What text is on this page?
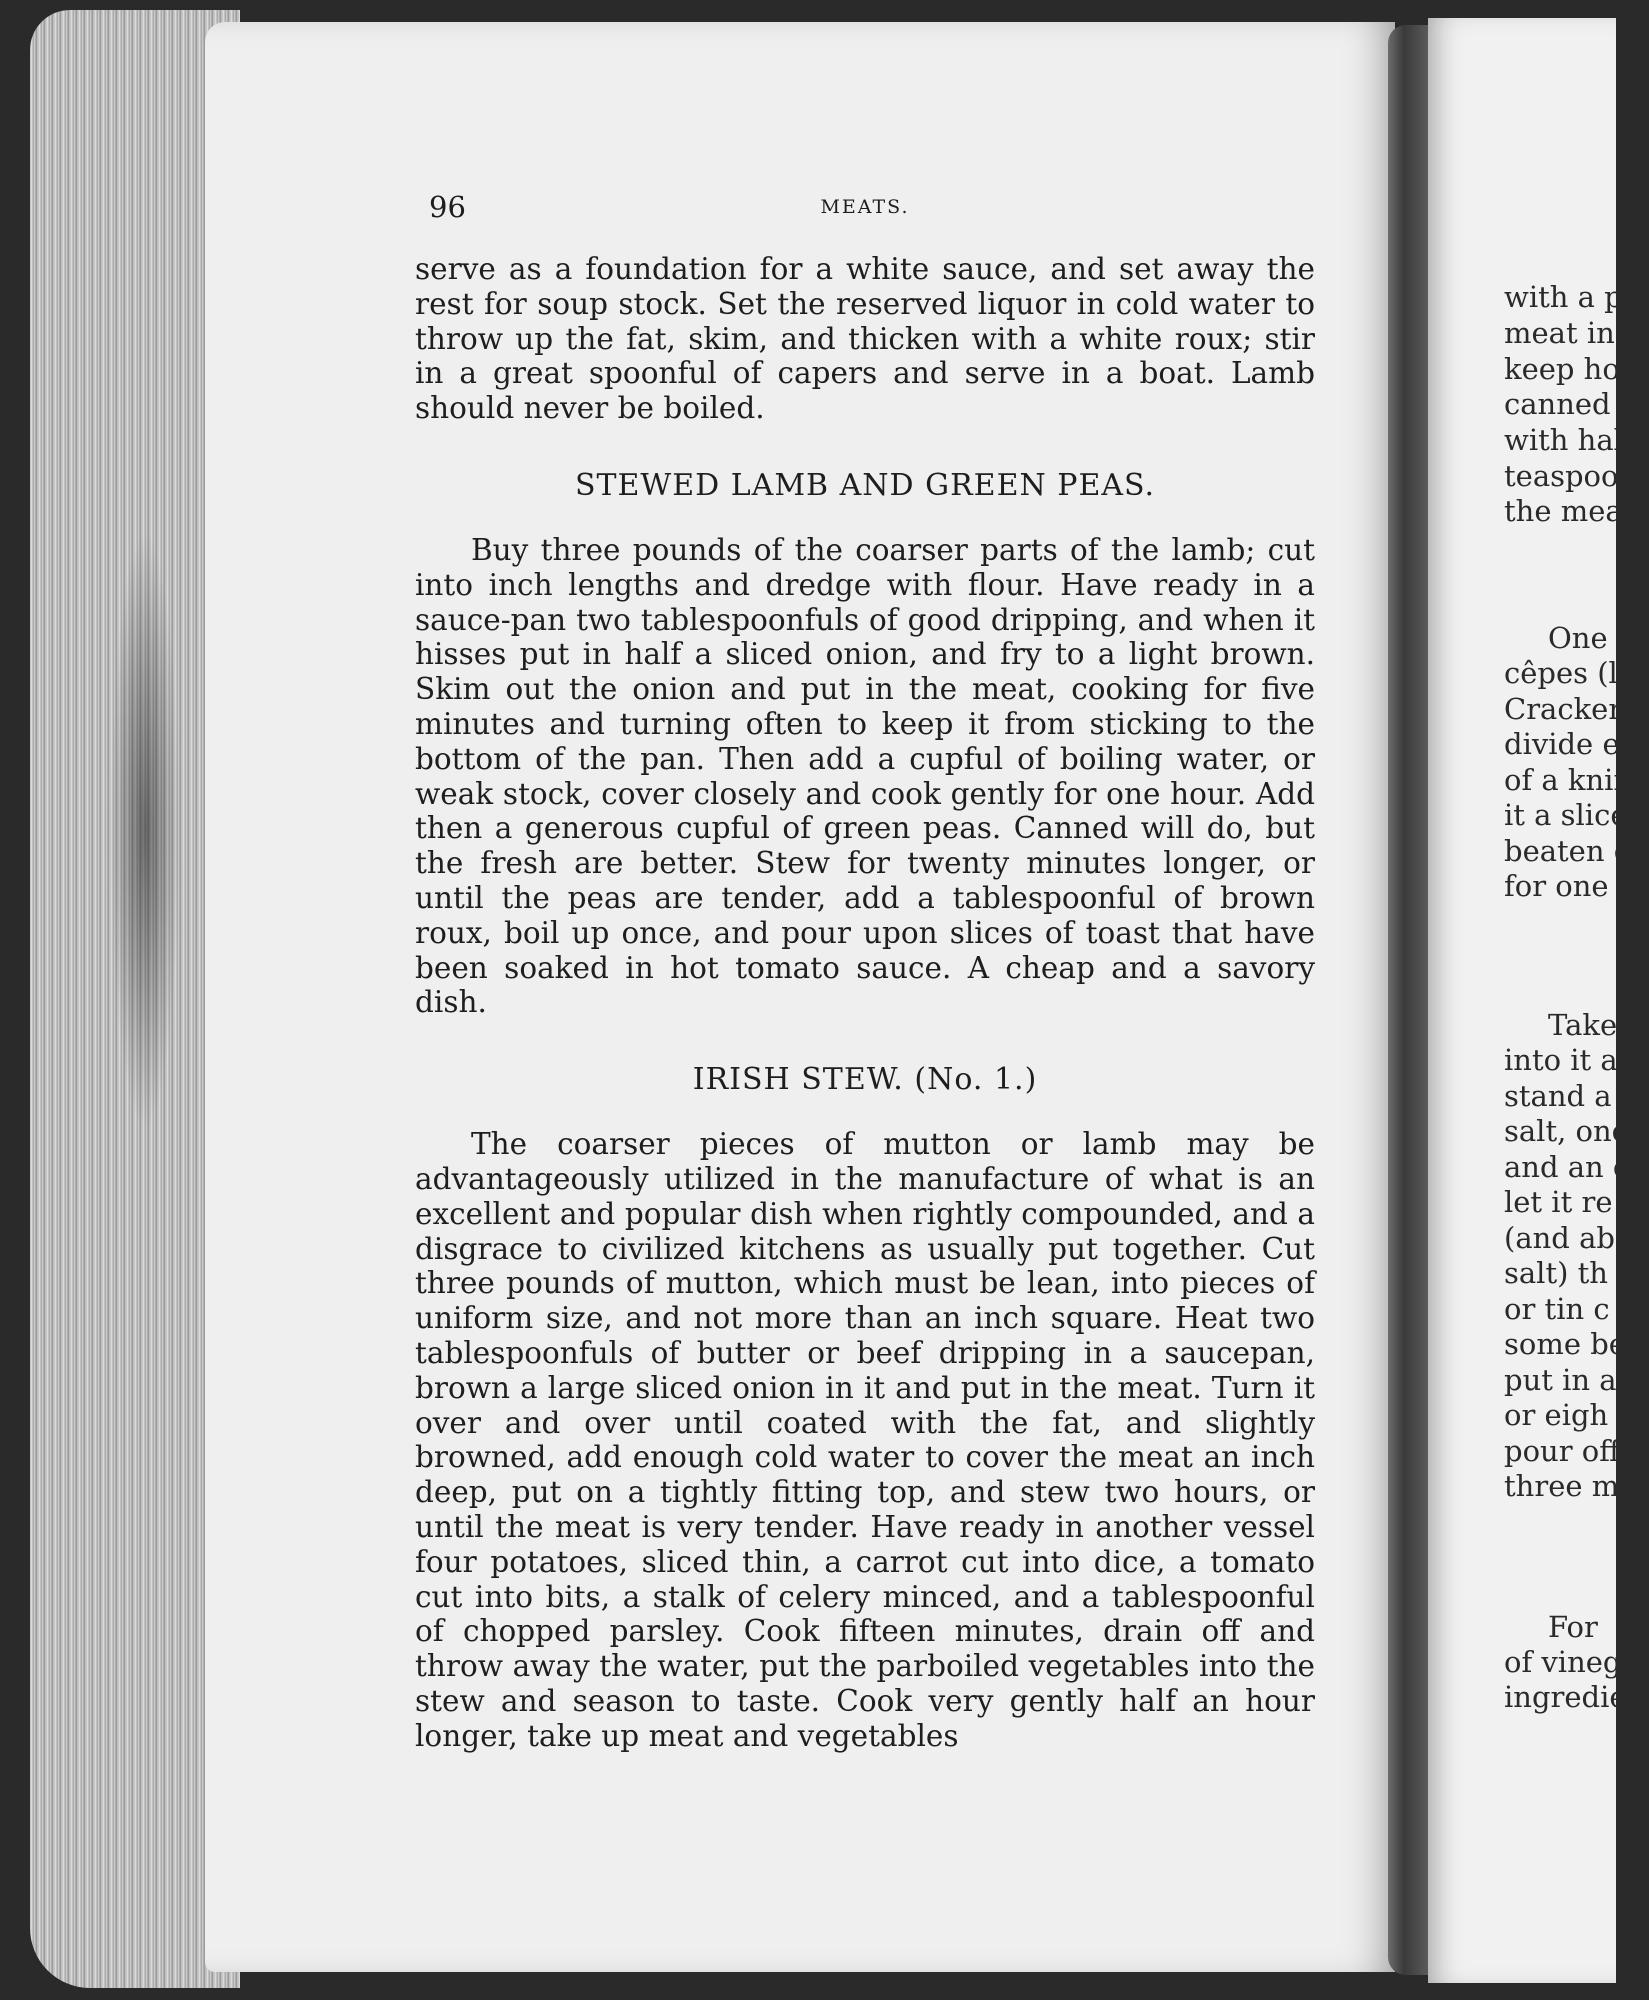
96	MEATS.

serve as a foundation for a white sauce, and set away the rest for soup stock. Set the reserved liquor in cold water to throw up the fat, skim, and thicken with a white roux; stir in a great spoonful of capers and serve in a boat. Lamb should never be boiled.

STEWED LAMB AND GREEN PEAS.

Buy three pounds of the coarser parts of the lamb; cut into inch lengths and dredge with flour. Have ready in a sauce-pan two tablespoonfuls of good dripping, and when it hisses put in half a sliced onion, and fry to a light brown. Skim out the onion and put in the meat, cooking for five minutes and turning often to keep it from sticking to the bottom of the pan. Then add a cupful of boiling water, or weak stock, cover closely and cook gently for one hour. Add then a generous cupful of green peas. Canned will do, but the fresh are better. Stew for twenty minutes longer, or until the peas are tender, add a tablespoonful of brown roux, boil up once, and pour upon slices of toast that have been soaked in hot tomato sauce. A cheap and a savory dish.

IRISH STEW. (No. 1.)

The coarser pieces of mutton or lamb may be advantageously utilized in the manufacture of what is an excellent and popular dish when rightly compounded, and a disgrace to civilized kitchens as usually put together. Cut three pounds of mutton, which must be lean, into pieces of uniform size, and not more than an inch square. Heat two tablespoonfuls of butter or beef dripping in a saucepan, brown a large sliced onion in it and put in the meat. Turn it over and over until coated with the fat, and slightly browned, add enough cold water to cover the meat an inch deep, put on a tightly fitting top, and stew two hours, or until the meat is very tender. Have ready in another vessel four potatoes, sliced thin, a carrot cut into dice, a tomato cut into bits, a stalk of celery minced, and a tablespoonful of chopped parsley. Cook fifteen minutes, drain off and throw away the water, put the parboiled vegetables into the stew and season to taste. Cook very gently half an hour longer, take up meat and vegetables

with a p
meat in
keep hot
canned c
with hal
teaspoon
the meat
One c
cêpes (l
Cracker-
divide ea
of a knif
it a slice
beaten eg
for one l
Take
into it a
stand a
salt, one
and an c
let it re
(and abo
salt) th
or tin c
some be
put in a
or eigh
pour off
three m
For
of vineg
ingredie
